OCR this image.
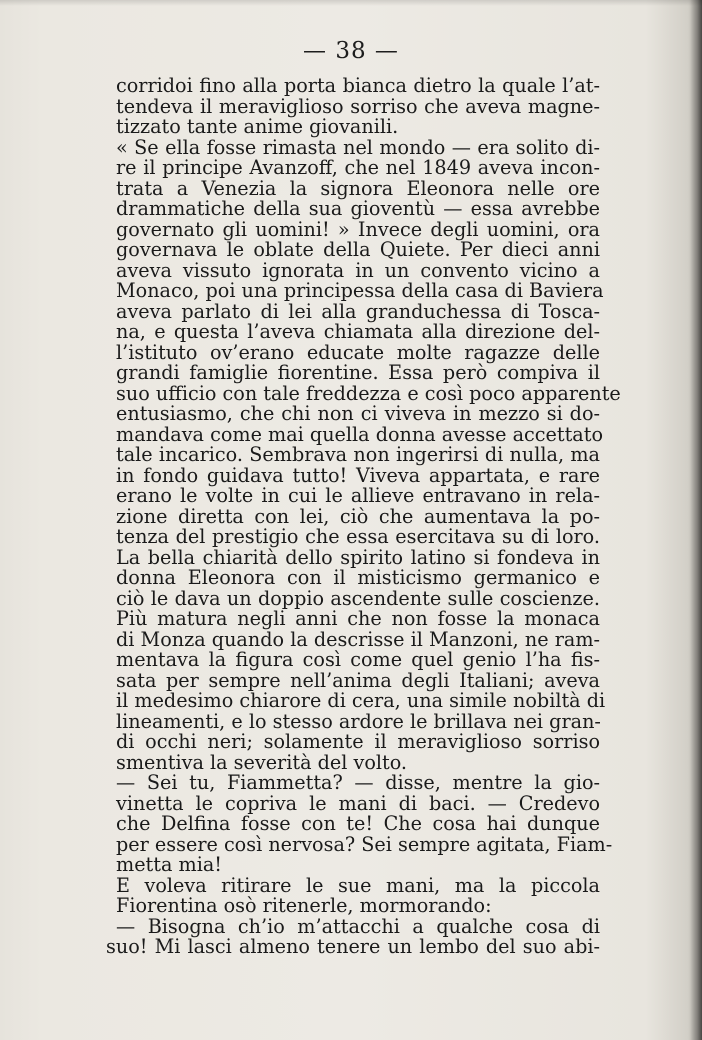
— 38 —
corridoi fino alla porta bianca dietro la quale l’at-
tendeva il meraviglioso sorriso che aveva magne-
tizzato tante anime giovanili.
« Se ella fosse rimasta nel mondo — era solito di-
re il principe Avanzoff, che nel 1849 aveva incon-
trata a Venezia la signora Eleonora nelle ore
drammatiche della sua gioventù — essa avrebbe
governato gli uomini! » Invece degli uomini, ora
governava le oblate della Quiete. Per dieci anni
aveva vissuto ignorata in un convento vicino a
Monaco, poi una principessa della casa di Baviera
aveva parlato di lei alla granduchessa di Tosca-
na, e questa l’aveva chiamata alla direzione del-
l’istituto ov’erano educate molte ragazze delle
grandi famiglie fiorentine. Essa però compiva il
suo ufficio con tale freddezza e così poco apparente
entusiasmo, che chi non ci viveva in mezzo si do-
mandava come mai quella donna avesse accettato
tale incarico. Sembrava non ingerirsi di nulla, ma
in fondo guidava tutto! Viveva appartata, e rare
erano le volte in cui le allieve entravano in rela-
zione diretta con lei, ciò che aumentava la po-
tenza del prestigio che essa esercitava su di loro.
La bella chiarità dello spirito latino si fondeva in
donna Eleonora con il misticismo germanico e
ciò le dava un doppio ascendente sulle coscienze.
Più matura negli anni che non fosse la monaca
di Monza quando la descrisse il Manzoni, ne ram-
mentava la figura così come quel genio l’ha fis-
sata per sempre nell’anima degli Italiani; aveva
il medesimo chiarore di cera, una simile nobiltà di
lineamenti, e lo stesso ardore le brillava nei gran-
di occhi neri; solamente il meraviglioso sorriso
smentiva la severità del volto.
— Sei tu, Fiammetta? — disse, mentre la gio-
vinetta le copriva le mani di baci. — Credevo
che Delfina fosse con te! Che cosa hai dunque
per essere così nervosa? Sei sempre agitata, Fiam-
metta mia!
E voleva ritirare le sue mani, ma la piccola
Fiorentina osò ritenerle, mormorando:
— Bisogna ch’io m’attacchi a qualche cosa di
suo! Mi lasci almeno tenere un lembo del suo abi-
